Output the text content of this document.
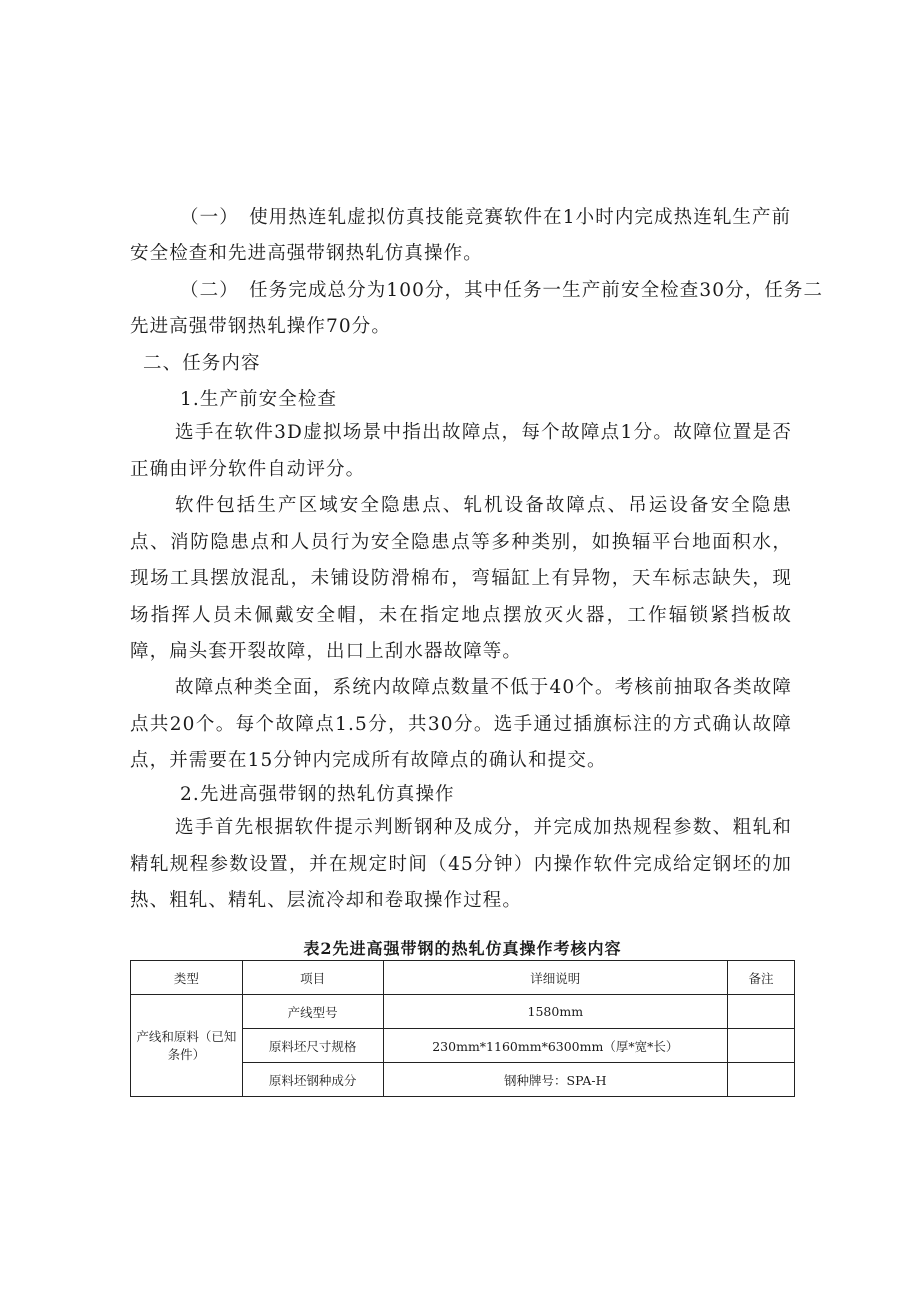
（一）　使用热连轧虚拟仿真技能竞赛软件在1小时内完成热连轧生产前

安全检查和先进高强带钢热轧仿真操作。

（二）　任务完成总分为100分，其中任务一生产前安全检查30分，任务二

先进高强带钢热轧操作70分。

二、任务内容

1.生产前安全检查

选手在软件3D虚拟场景中指出故障点，每个故障点1分。故障位置是否正确由评分软件自动评分。

软件包括生产区域安全隐患点、轧机设备故障点、吊运设备安全隐患点、消防隐患点和人员行为安全隐患点等多种类别，如换辐平台地面积水，现场工具摆放混乱，未铺设防滑棉布，弯辐缸上有异物，天车标志缺失，现场指挥人员未佩戴安全帽，未在指定地点摆放灭火器，工作辐锁紧挡板故障，扁头套开裂故障，出口上刮水器故障等。

故障点种类全面，系统内故障点数量不低于40个。考核前抽取各类故障点共20个。每个故障点1.5分，共30分。选手通过插旗标注的方式确认故障点，并需要在15分钟内完成所有故障点的确认和提交。

2.先进高强带钢的热轧仿真操作

选手首先根据软件提示判断钢种及成分，并完成加热规程参数、粗轧和精轧规程参数设置，并在规定时间（45分钟）内操作软件完成给定钢坯的加热、粗轧、精轧、层流冷却和卷取操作过程。

表2先进高强带钢的热轧仿真操作考核内容

类型	项目	详细说明	备注
产线和原料（已知条件）	产线型号	1580mm	
	原料坯尺寸规格	230mm*1160mm*6300mm（厚*宽*长）	
	原料坯钢种成分	钢种牌号：SPA-H	
